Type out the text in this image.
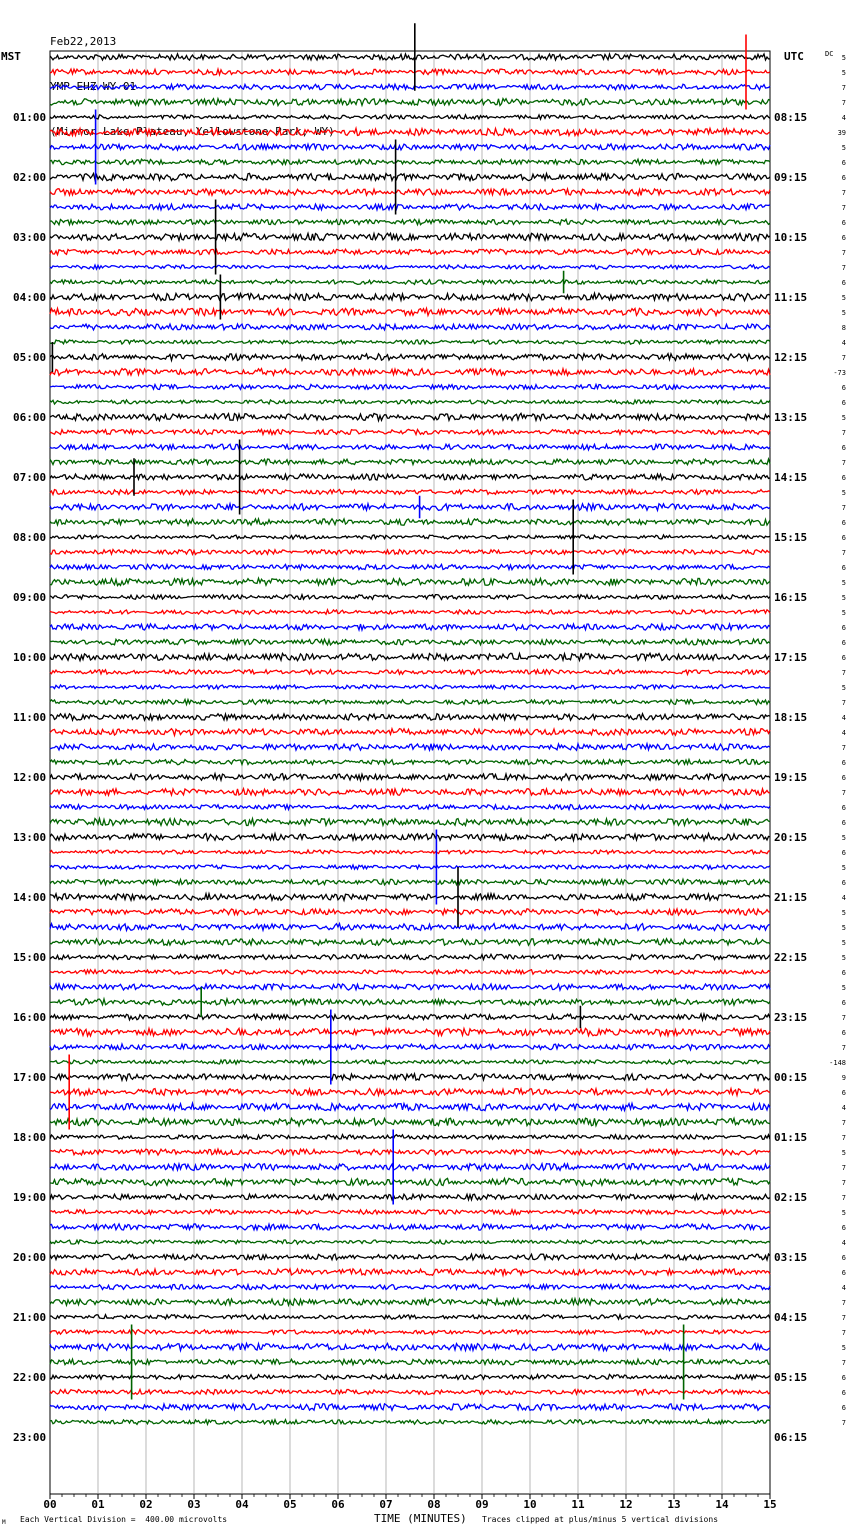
Feb22,2013

YMP EHZ WY 01

(Mirror Lake Plateau, Yellowstone Park, WY)

MST	UTC
01:00	08:15
02:00	09:15
03:00	10:15
04:00	11:15
05:00	12:15
06:00	13:15
07:00	14:15
08:00	15:15
09:00	16:15
10:00	17:15
11:00	18:15
12:00	19:15
13:00	20:15
14:00	21:15
15:00	22:15
16:00	23:15
17:00	00:15
18:00	01:15
19:00	02:15
20:00	03:15
21:00	04:15
22:00	05:15
23:00	06:15
DC 5
5
7
7
4
39
5
6
6
7
7
6
6
7
7
6
5
5
8
4
7
-73
6
6
5
7
6
7
6
5
7
6
6
7
6
5
5
5
6
6
6
7
5
7
4
4
7
6
6
7
6
6
5
6
5
6
4
5
5
5
5
6
5
6
7
6
7
-148
9
6
4
7
7
5
7
7
7
5
6
4
6
6
4
7
7
7
5
7
6
6
6
7
00	01	02	03	04	05	06	07	08	09	10	11	12	13	14	15
M Each Vertical Division =  400.00 microvolts	TIME (MINUTES) Traces clipped at plus/minus 5 vertical divisions
